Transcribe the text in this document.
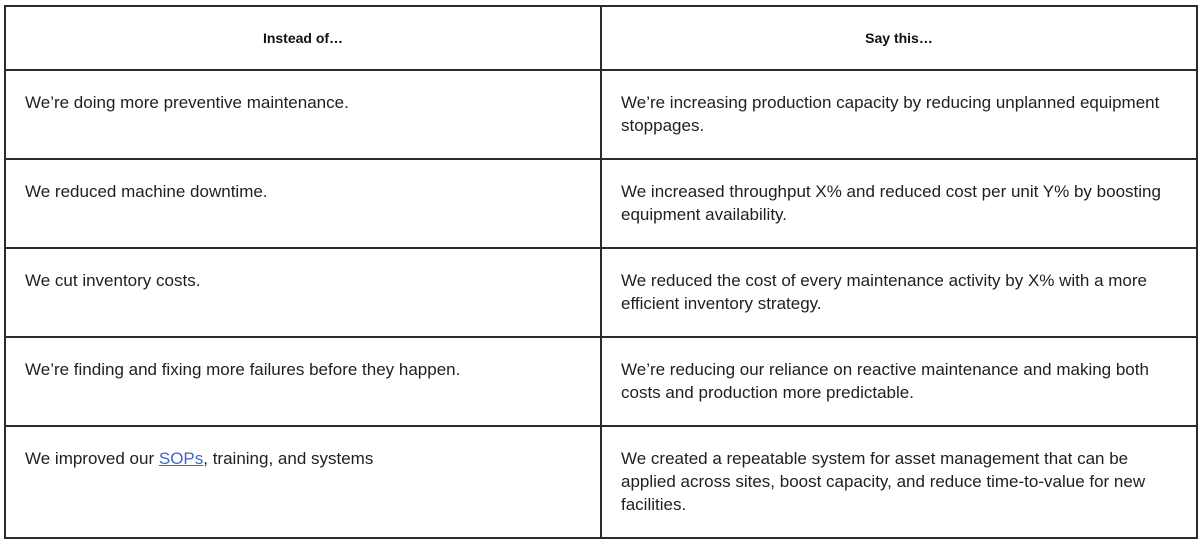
Instead of…	Say this…

We’re doing more preventive maintenance.	We’re increasing production capacity by reducing unplanned equipment stoppages.

We reduced machine downtime.	We increased throughput X% and reduced cost per unit Y% by boosting equipment availability.

We cut inventory costs.	We reduced the cost of every maintenance activity by X% with a more efficient inventory strategy.

We’re finding and fixing more failures before they happen.	We’re reducing our reliance on reactive maintenance and making both costs and production more predictable.

We improved our SOPs, training, and systems	We created a repeatable system for asset management that can be applied across sites, boost capacity, and reduce time-to-value for new facilities.
